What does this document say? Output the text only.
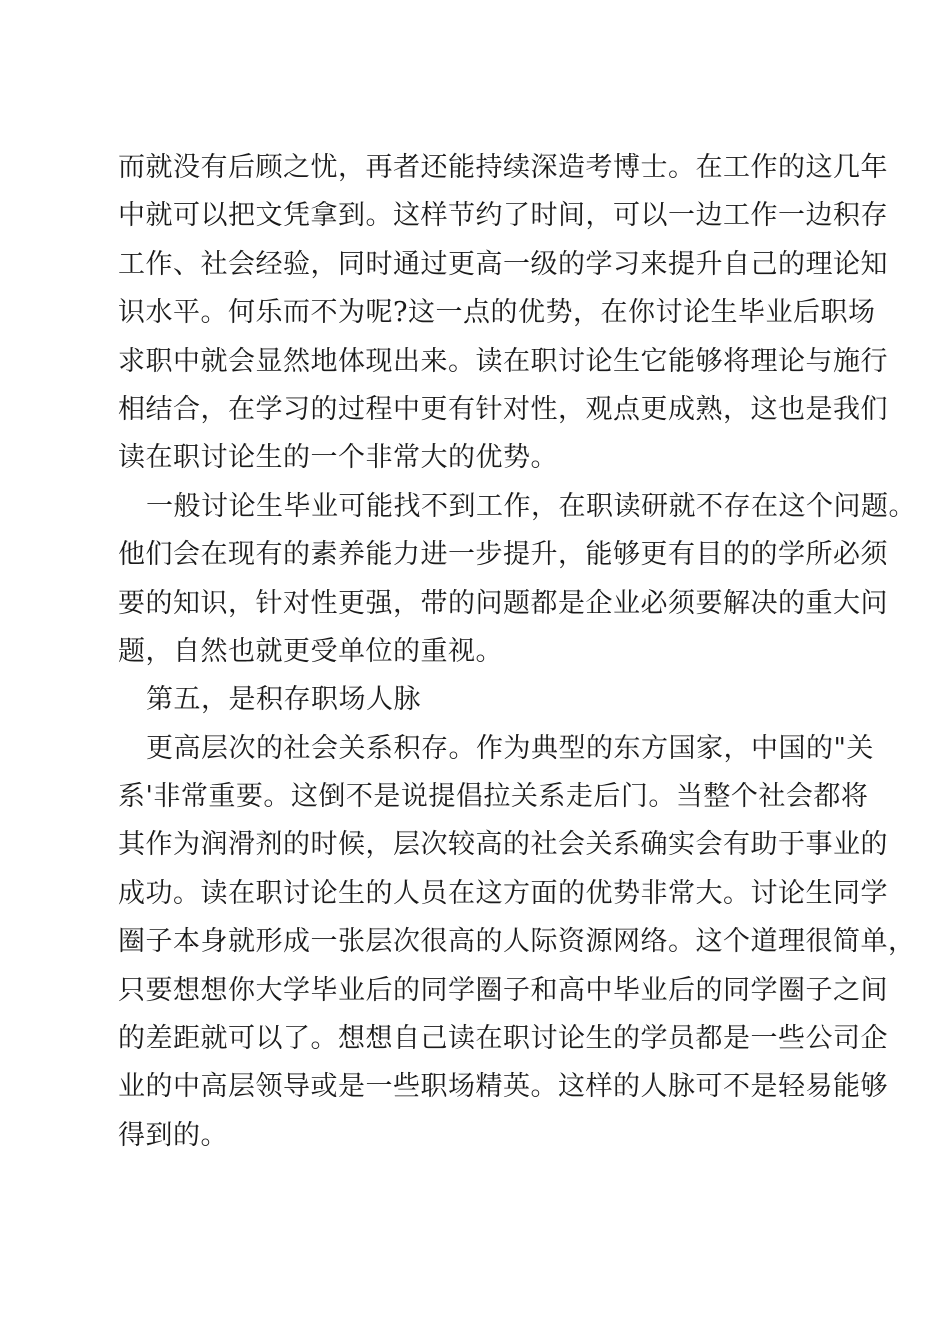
而就没有后顾之忧，再者还能持续深造考博士。在工作的这几年
中就可以把文凭拿到。这样节约了时间，可以一边工作一边积存
工作、社会经验，同时通过更高一级的学习来提升自己的理论知
识水平。何乐而不为呢?这一点的优势，在你讨论生毕业后职场
求职中就会显然地体现出来。读在职讨论生它能够将理论与施行
相结合，在学习的过程中更有针对性，观点更成熟，这也是我们
读在职讨论生的一个非常大的优势。
一般讨论生毕业可能找不到工作，在职读研就不存在这个问题。
他们会在现有的素养能力进一步提升，能够更有目的的学所必须
要的知识，针对性更强，带的问题都是企业必须要解决的重大问
题，自然也就更受单位的重视。
第五，是积存职场人脉
更高层次的社会关系积存。作为典型的东方国家，中国的"关
系'非常重要。这倒不是说提倡拉关系走后门。当整个社会都将
其作为润滑剂的时候，层次较高的社会关系确实会有助于事业的
成功。读在职讨论生的人员在这方面的优势非常大。讨论生同学
圈子本身就形成一张层次很高的人际资源网络。这个道理很简单，
只要想想你大学毕业后的同学圈子和高中毕业后的同学圈子之间
的差距就可以了。想想自己读在职讨论生的学员都是一些公司企
业的中高层领导或是一些职场精英。这样的人脉可不是轻易能够
得到的。
